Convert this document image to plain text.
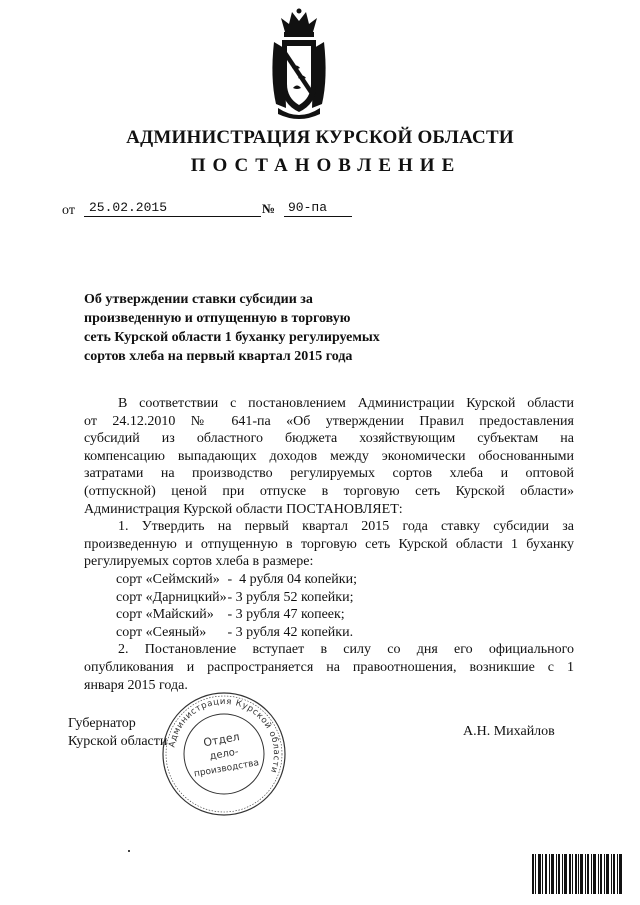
АДМИНИСТРАЦИЯ КУРСКОЙ ОБЛАСТИ
ПОСТАНОВЛЕНИЕ
от	25.02.2015	№ 90-па
Об утверждении ставки субсидии за
произведенную и отпущенную в торговую
сеть Курской области 1 буханку регулируемых
сортов хлеба на первый квартал 2015 года
В соответствии с постановлением Администрации Курской области
от 24.12.2010 № 641-па «Об утверждении Правил предоставления
субсидий из областного бюджета хозяйствующим субъектам на
компенсацию выпадающих доходов между экономически обоснованными
затратами на производство регулируемых сортов хлеба и оптовой
(отпускной) ценой при отпуске в торговую сеть Курской области»
Администрация Курской области ПОСТАНОВЛЯЕТ:
1. Утвердить на первый квартал 2015 года ставку субсидии за
произведенную и отпущенную в торговую сеть Курской области 1 буханку
регулируемых сортов хлеба в размере:
сорт «Сеймский» -  4 рубля 04 копейки;
сорт «Дарницкий» - 3 рубля 52 копейки;
сорт «Майский» - 3 рубля 47 копеек;
сорт «Сеяный» - 3 рубля 42 копейки.
2. Постановление вступает в силу со дня его официального
опубликования и распространяется на правоотношения, возникшие с 1
января 2015 года.
Губернатор
Курской области
А.Н. Михайлов
Администрация Курской области
Отдел
дело-
производства
